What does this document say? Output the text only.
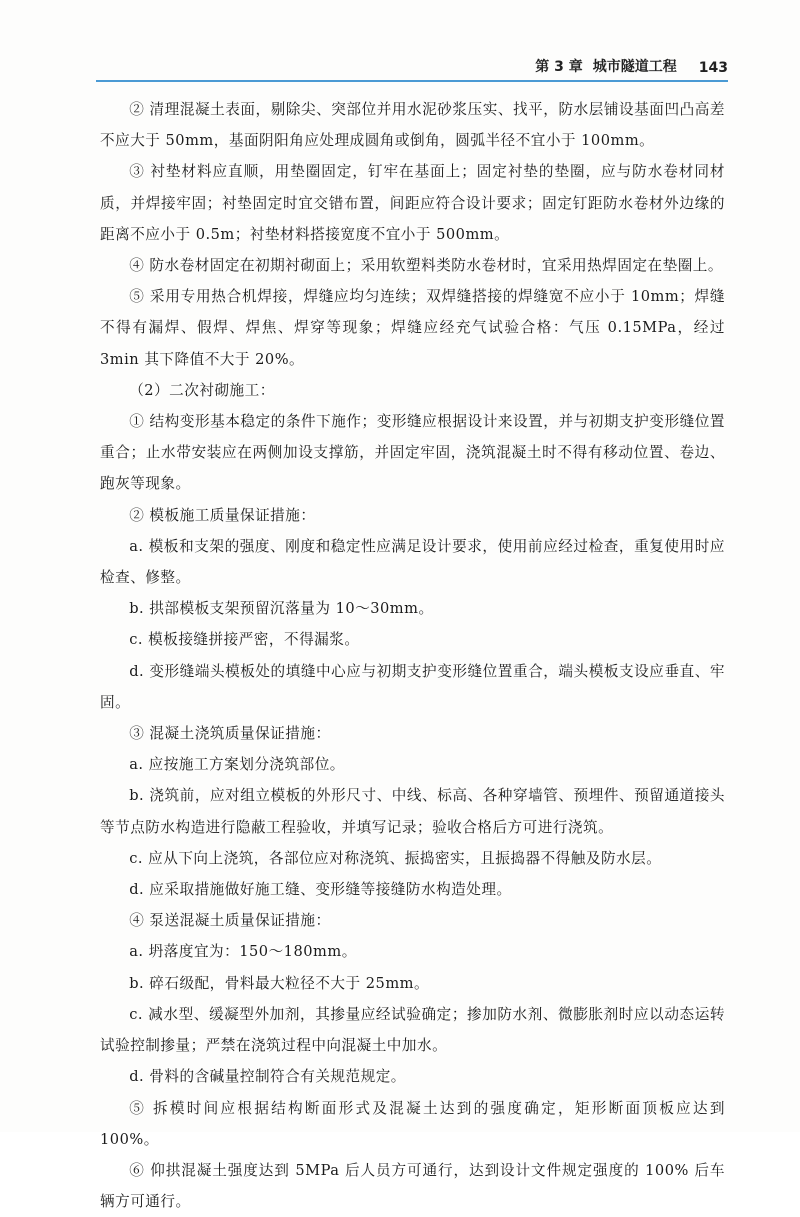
第 3 章 城市隧道工程 143

② 清理混凝土表面，剔除尖、突部位并用水泥砂浆压实、找平，防水层铺设基面凹凸高差不应大于 50mm，基面阴阳角应处理成圆角或倒角，圆弧半径不宜小于 100mm。

③ 衬垫材料应直顺，用垫圈固定，钉牢在基面上；固定衬垫的垫圈，应与防水卷材同材质，并焊接牢固；衬垫固定时宜交错布置，间距应符合设计要求；固定钉距防水卷材外边缘的距离不应小于 0.5m；衬垫材料搭接宽度不宜小于 500mm。

④ 防水卷材固定在初期衬砌面上；采用软塑料类防水卷材时，宜采用热焊固定在垫圈上。

⑤ 采用专用热合机焊接，焊缝应均匀连续；双焊缝搭接的焊缝宽不应小于 10mm；焊缝不得有漏焊、假焊、焊焦、焊穿等现象；焊缝应经充气试验合格：气压 0.15MPa，经过 3min 其下降值不大于 20%。

（2）二次衬砌施工：

① 结构变形基本稳定的条件下施作；变形缝应根据设计来设置，并与初期支护变形缝位置重合；止水带安装应在两侧加设支撑筋，并固定牢固，浇筑混凝土时不得有移动位置、卷边、跑灰等现象。

② 模板施工质量保证措施：

a. 模板和支架的强度、刚度和稳定性应满足设计要求，使用前应经过检查，重复使用时应检查、修整。

b. 拱部模板支架预留沉落量为 10～30mm。

c. 模板接缝拼接严密，不得漏浆。

d. 变形缝端头模板处的填缝中心应与初期支护变形缝位置重合，端头模板支设应垂直、牢固。

③ 混凝土浇筑质量保证措施：

a. 应按施工方案划分浇筑部位。

b. 浇筑前，应对组立模板的外形尺寸、中线、标高、各种穿墙管、预埋件、预留通道接头等节点防水构造进行隐蔽工程验收，并填写记录；验收合格后方可进行浇筑。

c. 应从下向上浇筑，各部位应对称浇筑、振捣密实，且振捣器不得触及防水层。

d. 应采取措施做好施工缝、变形缝等接缝防水构造处理。

④ 泵送混凝土质量保证措施：

a. 坍落度宜为：150～180mm。

b. 碎石级配，骨料最大粒径不大于 25mm。

c. 减水型、缓凝型外加剂，其掺量应经试验确定；掺加防水剂、微膨胀剂时应以动态运转试验控制掺量；严禁在浇筑过程中向混凝土中加水。

d. 骨料的含碱量控制符合有关规范规定。

⑤ 拆模时间应根据结构断面形式及混凝土达到的强度确定，矩形断面顶板应达到 100%。

⑥ 仰拱混凝土强度达到 5MPa 后人员方可通行，达到设计文件规定强度的 100% 后车辆方可通行。
